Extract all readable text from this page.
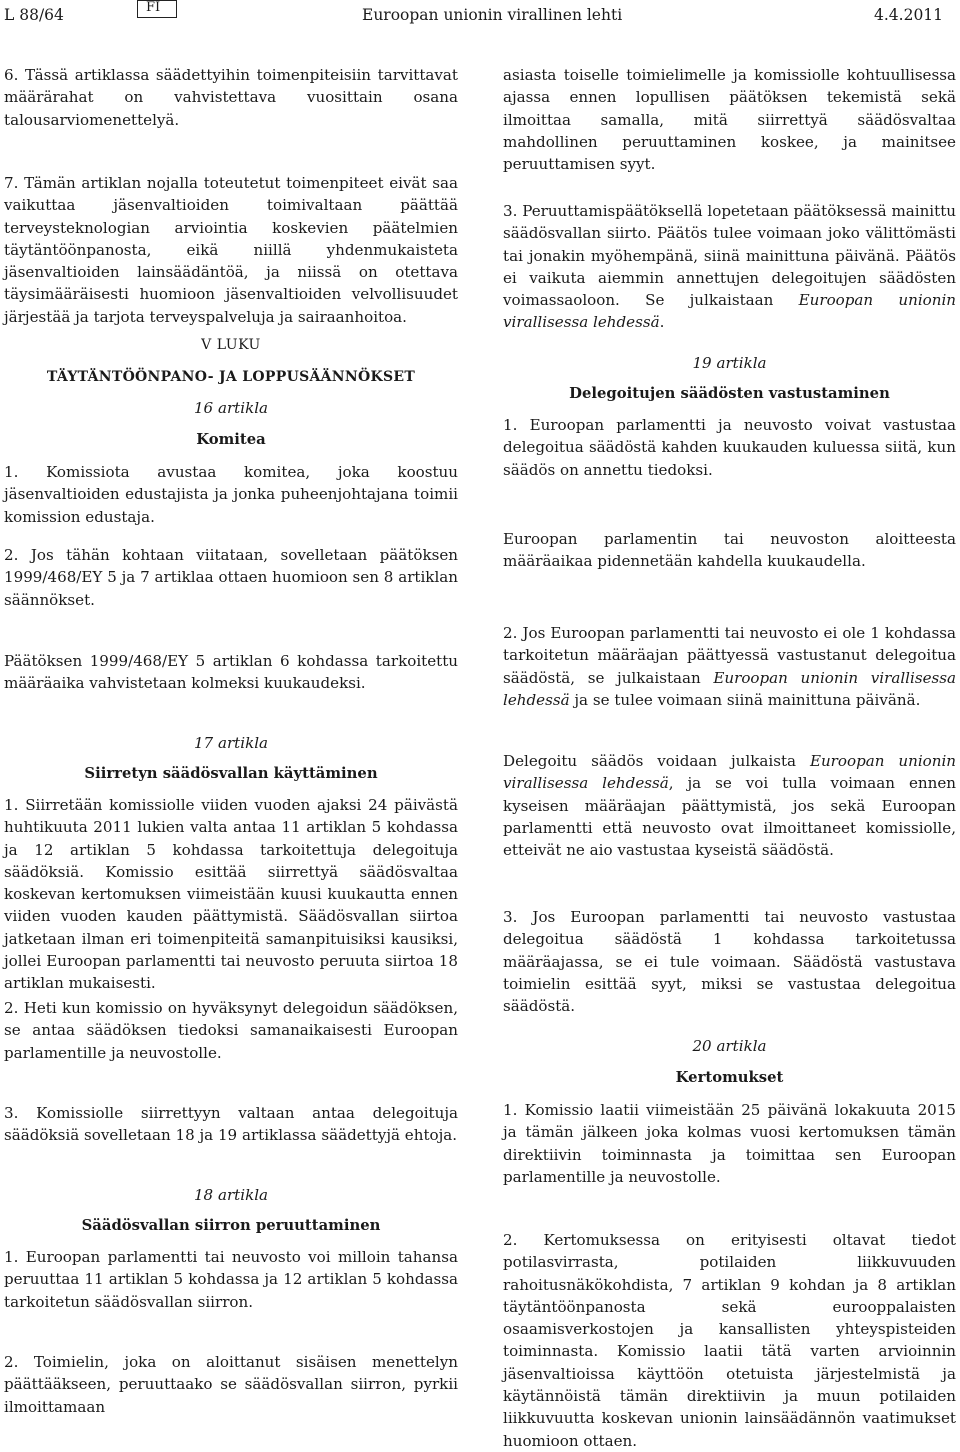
L 88/64	FI	Euroopan unionin virallinen lehti	4.4.2011

6. Tässä artiklassa säädettyihin toimenpiteisiin tarvittavat määrärahat on vahvistettava vuosittain osana talousarviomenettelyä.

7. Tämän artiklan nojalla toteutetut toimenpiteet eivät saa vaikuttaa jäsenvaltioiden toimivaltaan päättää terveysteknologian arviointia koskevien päätelmien täytäntöönpanosta, eikä niillä yhdenmukaisteta jäsenvaltioiden lainsäädäntöä, ja niissä on otettava täysimääräisesti huomioon jäsenvaltioiden velvollisuudet järjestää ja tarjota terveyspalveluja ja sairaanhoitoa.

V LUKU

TÄYTÄNTÖÖNPANO- JA LOPPUSÄÄNNÖKSET

16 artikla

Komitea

1. Komissiota avustaa komitea, joka koostuu jäsenvaltioiden edustajista ja jonka puheenjohtajana toimii komission edustaja.

2. Jos tähän kohtaan viitataan, sovelletaan päätöksen 1999/468/EY 5 ja 7 artiklaa ottaen huomioon sen 8 artiklan säännökset.

Päätöksen 1999/468/EY 5 artiklan 6 kohdassa tarkoitettu määräaika vahvistetaan kolmeksi kuukaudeksi.

17 artikla

Siirretyn säädösvallan käyttäminen

1. Siirretään komissiolle viiden vuoden ajaksi 24 päivästä huhtikuuta 2011 lukien valta antaa 11 artiklan 5 kohdassa ja 12 artiklan 5 kohdassa tarkoitettuja delegoituja säädöksiä. Komissio esittää siirrettyä säädösvaltaa koskevan kertomuksen viimeistään kuusi kuukautta ennen viiden vuoden kauden päättymistä. Säädösvallan siirtoa jatketaan ilman eri toimenpiteitä samanpituisiksi kausiksi, jollei Euroopan parlamentti tai neuvosto peruuta siirtoa 18 artiklan mukaisesti.

2. Heti kun komissio on hyväksynyt delegoidun säädöksen, se antaa säädöksen tiedoksi samanaikaisesti Euroopan parlamentille ja neuvostolle.

3. Komissiolle siirrettyyn valtaan antaa delegoituja säädöksiä sovelletaan 18 ja 19 artiklassa säädettyjä ehtoja.

18 artikla

Säädösvallan siirron peruuttaminen

1. Euroopan parlamentti tai neuvosto voi milloin tahansa peruuttaa 11 artiklan 5 kohdassa ja 12 artiklan 5 kohdassa tarkoitetun säädösvallan siirron.

2. Toimielin, joka on aloittanut sisäisen menettelyn päättääkseen, peruuttaako se säädösvallan siirron, pyrkii ilmoittamaan

asiasta toiselle toimielimelle ja komissiolle kohtuullisessa ajassa ennen lopullisen päätöksen tekemistä sekä ilmoittaa samalla, mitä siirrettyä säädösvaltaa mahdollinen peruuttaminen koskee, ja mainitsee peruuttamisen syyt.

3. Peruuttamispäätöksellä lopetetaan päätöksessä mainittu säädösvallan siirto. Päätös tulee voimaan joko välittömästi tai jonakin myöhempänä, siinä mainittuna päivänä. Päätös ei vaikuta aiemmin annettujen delegoitujen säädösten voimassaoloon. Se julkaistaan Euroopan unionin virallisessa lehdessä.

19 artikla

Delegoitujen säädösten vastustaminen

1. Euroopan parlamentti ja neuvosto voivat vastustaa delegoitua säädöstä kahden kuukauden kuluessa siitä, kun säädös on annettu tiedoksi.

Euroopan parlamentin tai neuvoston aloitteesta määräaikaa pidennetään kahdella kuukaudella.

2. Jos Euroopan parlamentti tai neuvosto ei ole 1 kohdassa tarkoitetun määräajan päättyessä vastustanut delegoitua säädöstä, se julkaistaan Euroopan unionin virallisessa lehdessä ja se tulee voimaan siinä mainittuna päivänä.

Delegoitu säädös voidaan julkaista Euroopan unionin virallisessa lehdessä, ja se voi tulla voimaan ennen kyseisen määräajan päättymistä, jos sekä Euroopan parlamentti että neuvosto ovat ilmoittaneet komissiolle, etteivät ne aio vastustaa kyseistä säädöstä.

3. Jos Euroopan parlamentti tai neuvosto vastustaa delegoitua säädöstä 1 kohdassa tarkoitetussa määräajassa, se ei tule voimaan. Säädöstä vastustava toimielin esittää syyt, miksi se vastustaa delegoitua säädöstä.

20 artikla

Kertomukset

1. Komissio laatii viimeistään 25 päivänä lokakuuta 2015 ja tämän jälkeen joka kolmas vuosi kertomuksen tämän direktiivin toiminnasta ja toimittaa sen Euroopan parlamentille ja neuvostolle.

2. Kertomuksessa on erityisesti oltavat tiedot potilasvirrasta, potilaiden liikkuvuuden rahoitusnäkökohdista, 7 artiklan 9 kohdan ja 8 artiklan täytäntöönpanosta sekä eurooppalaisten osaamisverkostojen ja kansallisten yhteyspisteiden toiminnasta. Komissio laatii tätä varten arvioinnin jäsenvaltioissa käyttöön otetuista järjestelmistä ja käytännöistä tämän direktiivin ja muun potilaiden liikkuvuutta koskevan unionin lainsäädännön vaatimukset huomioon ottaen.
